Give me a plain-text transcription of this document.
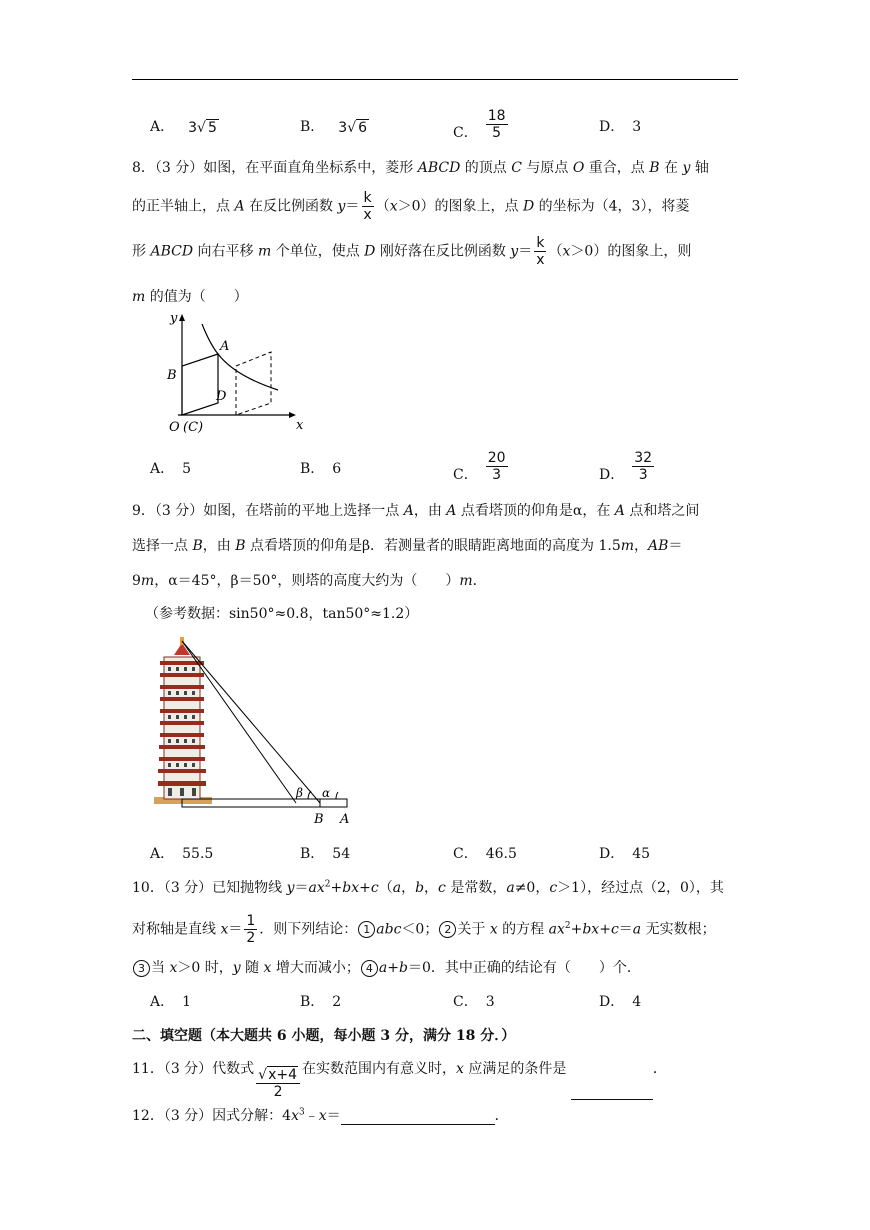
A． 3√ 5	B． 3√ 6	C． $\frac{18}{5}$	D． 3
8．（3 分）如图，在平面直角坐标系中，菱形 ABCD 的顶点 C 与原点 O 重合，点 B 在 y 轴
的正半轴上，点 A 在反比例函数 $y= \frac{k}{x} (x>0)$的图象上，点 D 的坐标为（4，3），将菱
形 ABCD 向右平移 m 个单位，使点 D 刚好落在反比例函数 $y= \frac{k}{x} (x>0)$的图象上，则
m 的值为（　　）
y
A
B
D
O (C)	x
A． 5	B． 6	C． $\frac{20}{3}$	D． $\frac{32}{3}$
9．（3 分）如图，在塔前的平地上选择一点 A，由 A 点看塔顶的仰角是α，在 A 点和塔之间
选择一点 B，由 B 点看塔顶的仰角是β．若测量者的眼睛距离地面的高度为 1.5m，AB＝
9m，α＝45°，β＝50°，则塔的高度大约为（　　）m．
（参考数据：sin50°≈0.8，tan50°≈1.2）
β α
B A
A． 55.5	B． 54	C． 46.5	D． 45
10．（3 分）已知抛物线 $y=ax^2+bx+c(a$，b，c 是常数，a≠0，c＞1），经过点（2，0），其
对称轴是直线 $x= \frac{1}{2}$ ．则下列结论： 1 abc＜0； 2 关于 x 的方程 $ax^2+bx+c=a$ 无实数根；
3 当 x＞0 时，y 随 x 增大而减小； 4 a+b＝0．其中正确的结论有（　　）个．
A． 1	B． 2	C． 3	D． 4
二、填空题（本大题共 6 小题，每小题 3 分，满分 18 分．）
11．（3 分）代数式 $\frac{√x+4}{2}$ 在实数范围内有意义时，x 应满足的条件是	．
12．（3 分）因式分解：$4x^3﹣x=$	．
